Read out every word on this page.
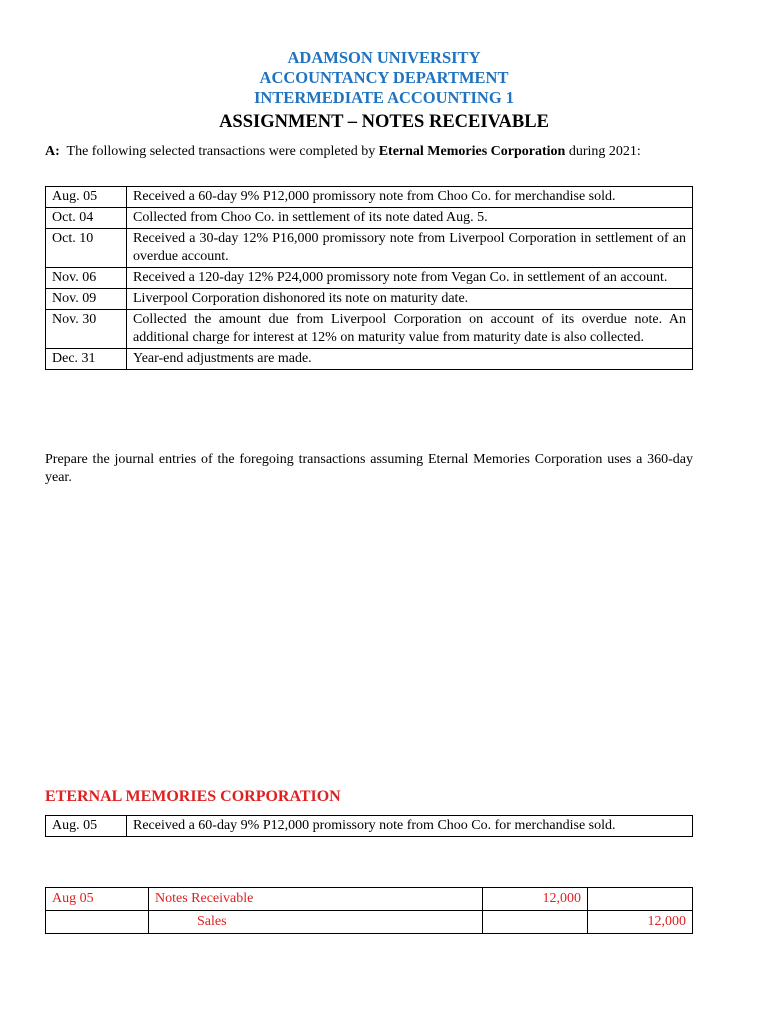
ADAMSON UNIVERSITY
ACCOUNTANCY DEPARTMENT
INTERMEDIATE ACCOUNTING 1
ASSIGNMENT – NOTES RECEIVABLE
A: The following selected transactions were completed by Eternal Memories Corporation during 2021:
Aug. 05	Received a 60-day 9% P12,000 promissory note from Choo Co. for merchandise sold.
Oct. 04	Collected from Choo Co. in settlement of its note dated Aug. 5.
Oct. 10	Received a 30-day 12% P16,000 promissory note from Liverpool Corporation in settlement of an overdue account.
Nov. 06	Received a 120-day 12% P24,000 promissory note from Vegan Co. in settlement of an account.
Nov. 09	Liverpool Corporation dishonored its note on maturity date.
Nov. 30	Collected the amount due from Liverpool Corporation on account of its overdue note. An additional charge for interest at 12% on maturity value from maturity date is also collected.
Dec. 31	Year-end adjustments are made.
Prepare the journal entries of the foregoing transactions assuming Eternal Memories Corporation uses a 360-day year.
ETERNAL MEMORIES CORPORATION
Aug. 05	Received a 60-day 9% P12,000 promissory note from Choo Co. for merchandise sold.
Aug 05	Notes Receivable	12,000	
	Sales		12,000
